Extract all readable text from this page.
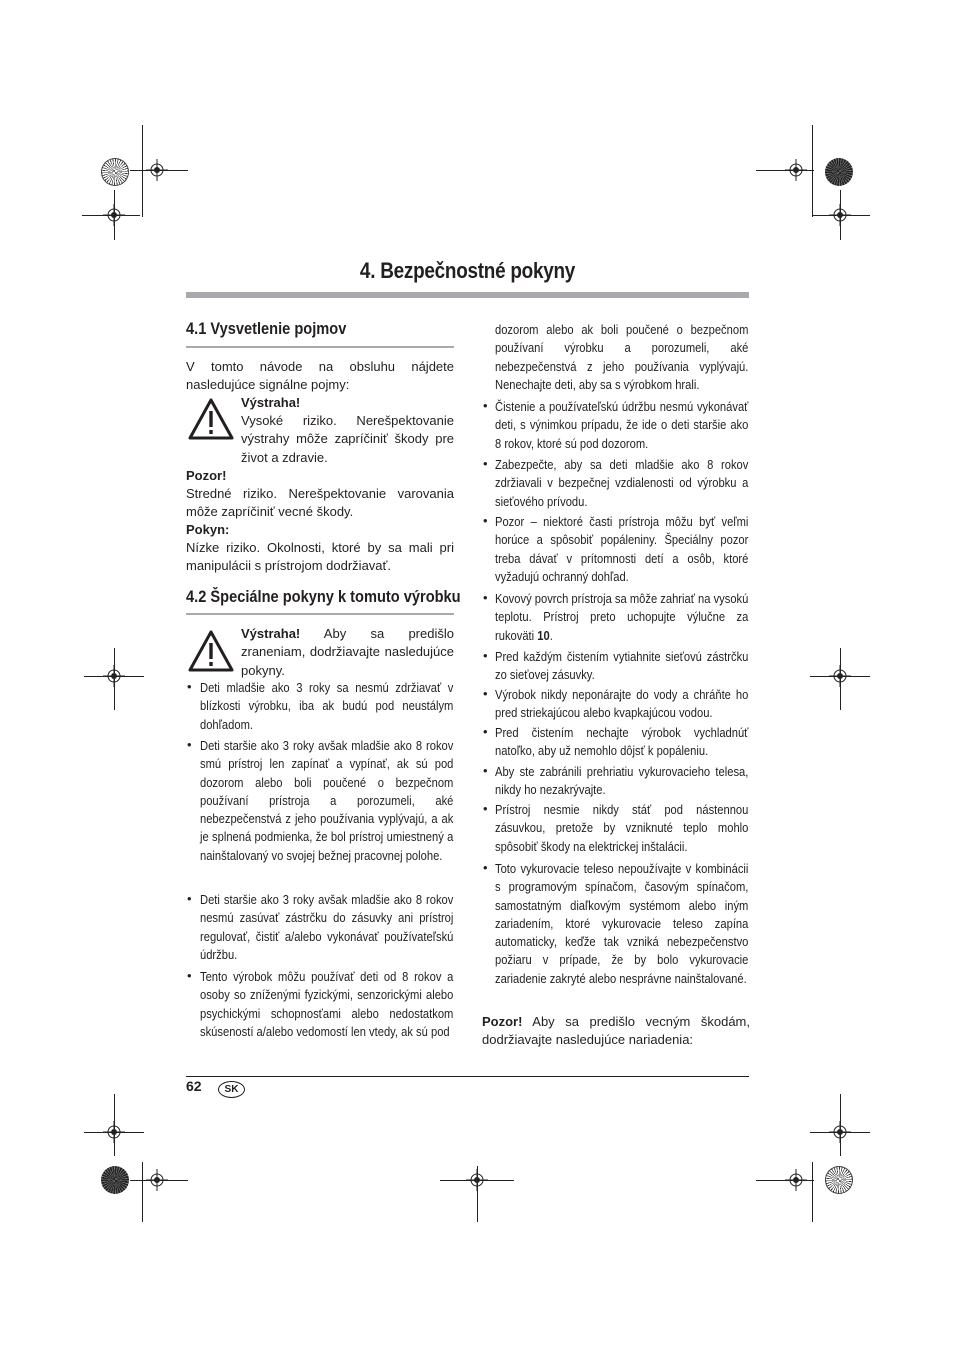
4. Bezpečnostné pokyny
4.1 Vysvetlenie pojmov
V tomto návode na obsluhu nájdete nasledujúce signálne pojmy:
Výstraha!
Vysoké riziko. Nerešpektovanie výstrahy môže zapríčiniť škody pre život a zdravie.
Pozor!
Stredné riziko. Nerešpektovanie varovania môže zapríčiniť vecné škody.
Pokyn:
Nízke riziko. Okolnosti, ktoré by sa mali pri manipulácii s prístrojom dodržiavať.
4.2 Špeciálne pokyny k tomuto výrobku
Výstraha! Aby sa predišlo zraneniam, dodržiavajte nasledujúce pokyny.
• Deti mladšie ako 3 roky sa nesmú zdržiavať v blízkosti výrobku, iba ak budú pod neustálym dohľadom.
• Deti staršie ako 3 roky avšak mladšie ako 8 rokov smú prístroj len zapínať a vypínať, ak sú pod dozorom alebo boli poučené o bezpečnom používaní prístroja a porozumeli, aké nebezpečenstvá z jeho používania vyplývajú, a ak je splnená podmienka, že bol prístroj umiestnený a nainštalovaný vo svojej bežnej pracovnej polohe.
• Deti staršie ako 3 roky avšak mladšie ako 8 rokov nesmú zasúvať zástrčku do zásuvky ani prístroj regulovať, čistiť a/alebo vykonávať používateľskú údržbu.
• Tento výrobok môžu používať deti od 8 rokov a osoby so zníženými fyzickými, senzorickými alebo psychickými schopnosťami alebo nedostatkom skúseností a/alebo vedomostí len vtedy, ak sú pod
dozorom alebo ak boli poučené o bezpečnom používaní výrobku a porozumeli, aké nebezpečenstvá z jeho používania vyplývajú. Nenechajte deti, aby sa s výrobkom hrali.
• Čistenie a používateľskú údržbu nesmú vykonávať deti, s výnimkou prípadu, že ide o deti staršie ako 8 rokov, ktoré sú pod dozorom.
• Zabezpečte, aby sa deti mladšie ako 8 rokov zdržiavali v bezpečnej vzdialenosti od výrobku a sieťového prívodu.
• Pozor – niektoré časti prístroja môžu byť veľmi horúce a spôsobiť popáleniny. Špeciálny pozor treba dávať v prítomnosti detí a osôb, ktoré vyžadujú ochranný dohľad.
• Kovový povrch prístroja sa môže zahriať na vysokú teplotu. Prístroj preto uchopujte výlučne za rukoväti 10.
• Pred každým čistením vytiahnite sieťovú zástrčku zo sieťovej zásuvky.
• Výrobok nikdy neponárajte do vody a chráňte ho pred striekajúcou alebo kvapkajúcou vodou.
• Pred čistením nechajte výrobok vychladnúť natoľko, aby už nemohlo dôjsť k popáleniu.
• Aby ste zabránili prehriatiu vykurovacieho telesa, nikdy ho nezakrývajte.
• Prístroj nesmie nikdy stáť pod nástennou zásuvkou, pretože by vzniknuté teplo mohlo spôsobiť škody na elektrickej inštalácii.
• Toto vykurovacie teleso nepoužívajte v kombinácii s programovým spínačom, časovým spínačom, samostatným diaľkovým systémom alebo iným zariadením, ktoré vykurovacie teleso zapína automaticky, keďže tak vzniká nebezpečenstvo požiaru v prípade, že by bolo vykurovacie zariadenie zakryté alebo nesprávne nainštalované.
Pozor! Aby sa predišlo vecným škodám, dodržiavajte nasledujúce nariadenia:
62	SK
